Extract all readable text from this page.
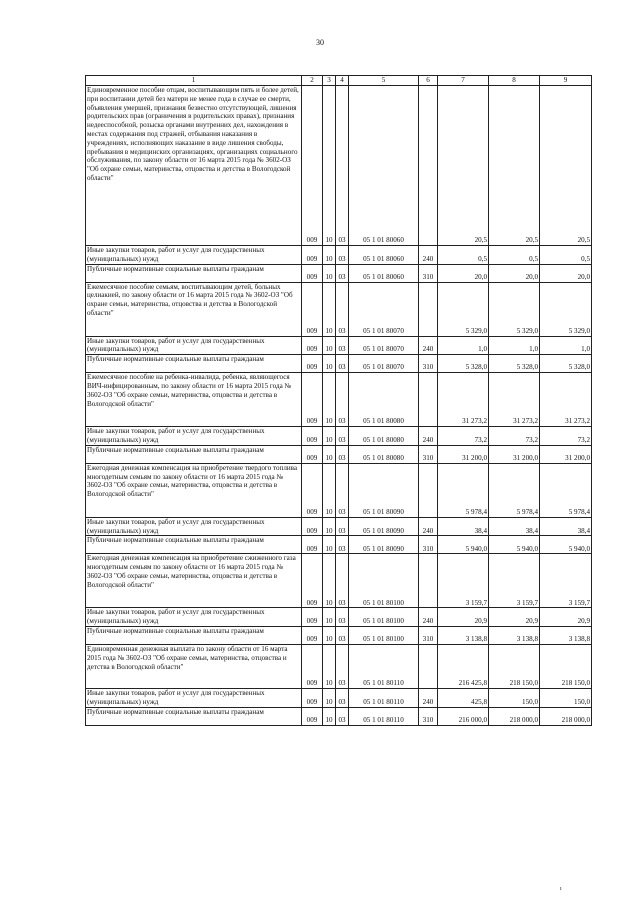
30
1	2	3	4	5	6	7	8	9
Единовременное пособие отцам, воспитывающим пять и более детей, при воспитании детей без матери не менее года в случае ее смерти, объявления умершей, признания безвестно отсутствующей, лишения родительских прав (ограничения в родительских правах), признания недееспособной, розыска органами внутренних дел, нахождения в местах содержания под стражей, отбывания наказания в учреждениях, исполняющих наказание в виде лишения свободы, пребывания в медицинских организациях, организациях социального обслуживания, по закону области от 16 марта 2015 года № 3602-ОЗ "Об охране семьи, материнства, отцовства и детства в Вологодской области"	009	10	03	05 1 01 80060		20,5	20,5	20,5
Иные закупки товаров, работ и услуг для государственных (муниципальных) нужд	009	10	03	05 1 01 80060	240	0,5	0,5	0,5
Публичные нормативные социальные выплаты гражданам	009	10	03	05 1 01 80060	310	20,0	20,0	20,0
Ежемесячное пособие семьям, воспитывающим детей, больных целиакией, по закону области от 16 марта 2015 года № 3602-ОЗ "Об охране семьи, материнства, отцовства и детства в Вологодской области"	009	10	03	05 1 01 80070		5 329,0	5 329,0	5 329,0
Иные закупки товаров, работ и услуг для государственных (муниципальных) нужд	009	10	03	05 1 01 80070	240	1,0	1,0	1,0
Публичные нормативные социальные выплаты гражданам	009	10	03	05 1 01 80070	310	5 328,0	5 328,0	5 328,0
Ежемесячное пособие на ребенка-инвалида, ребенка, являющегося ВИЧ-инфицированным, по закону области от 16 марта 2015 года № 3602-ОЗ "Об охране семьи, материнства, отцовства и детства в Вологодской области"	009	10	03	05 1 01 80080		31 273,2	31 273,2	31 273,2
Иные закупки товаров, работ и услуг для государственных (муниципальных) нужд	009	10	03	05 1 01 80080	240	73,2	73,2	73,2
Публичные нормативные социальные выплаты гражданам	009	10	03	05 1 01 80080	310	31 200,0	31 200,0	31 200,0
Ежегодная денежная компенсация на приобретение твердого топлива многодетным семьям по закону области от 16 марта 2015 года № 3602-ОЗ "Об охране семьи, материнства, отцовства и детства в Вологодской области"	009	10	03	05 1 01 80090		5 978,4	5 978,4	5 978,4
Иные закупки товаров, работ и услуг для государственных (муниципальных) нужд	009	10	03	05 1 01 80090	240	38,4	38,4	38,4
Публичные нормативные социальные выплаты гражданам	009	10	03	05 1 01 80090	310	5 940,0	5 940,0	5 940,0
Ежегодная денежная компенсация на приобретение сжиженного газа многодетным семьям по закону области от 16 марта 2015 года № 3602-ОЗ "Об охране семьи, материнства, отцовства и детства в Вологодской области"	009	10	03	05 1 01 80100		3 159,7	3 159,7	3 159,7
Иные закупки товаров, работ и услуг для государственных (муниципальных) нужд	009	10	03	05 1 01 80100	240	20,9	20,9	20,9
Публичные нормативные социальные выплаты гражданам	009	10	03	05 1 01 80100	310	3 138,8	3 138,8	3 138,8
Единовременная денежная выплата по закону области от 16 марта 2015 года № 3602-ОЗ "Об охране семьи, материнства, отцовства и детства в Вологодской области"	009	10	03	05 1 01 80110		216 425,8	218 150,0	218 150,0
Иные закупки товаров, работ и услуг для государственных (муниципальных) нужд	009	10	03	05 1 01 80110	240	425,8	150,0	150,0
Публичные нормативные социальные выплаты гражданам	009	10	03	05 1 01 80110	310	216 000,0	218 000,0	218 000,0
ı
